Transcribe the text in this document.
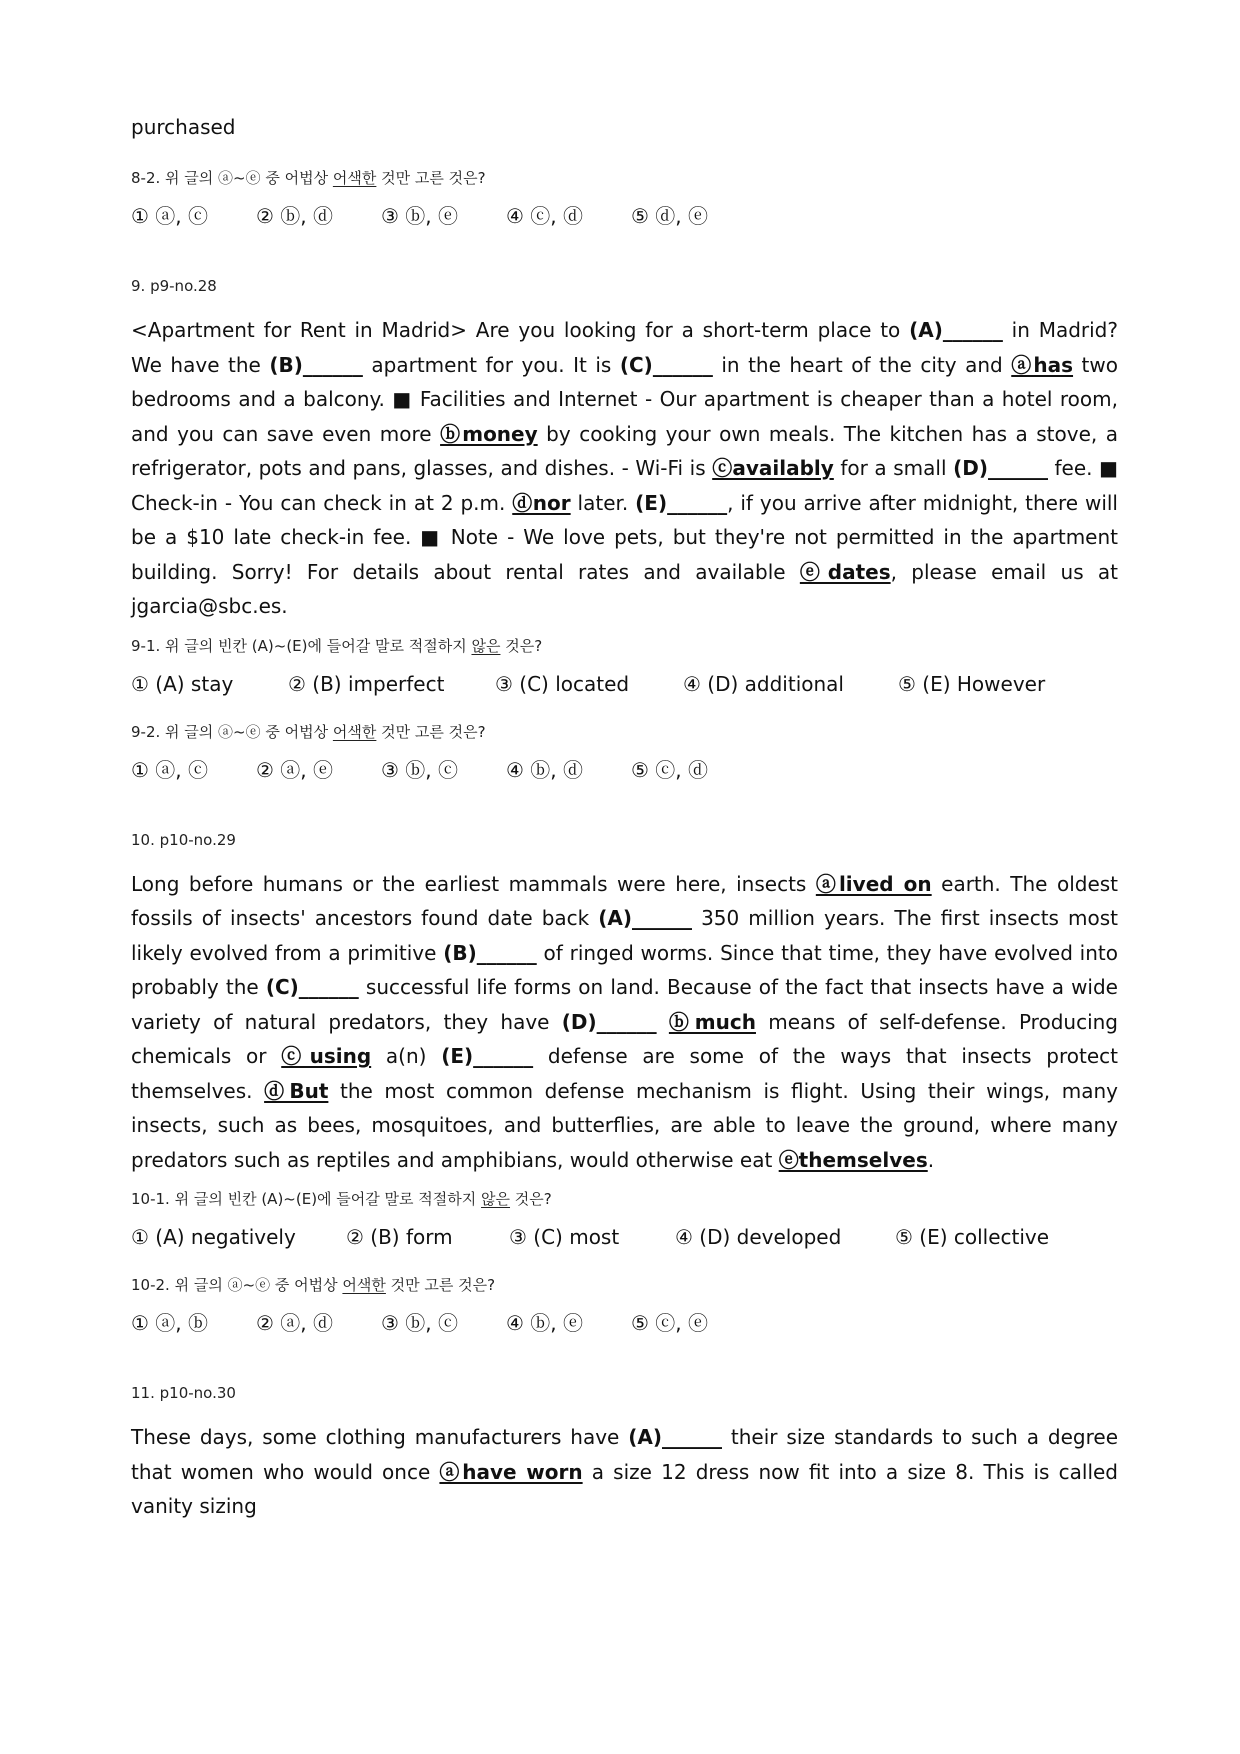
purchased

8-2. 위 글의 ⓐ~ⓔ 중 어법상 어색한 것만 고른 것은?

① ⓐ, ⓒ	② ⓑ, ⓓ	③ ⓑ, ⓔ	④ ⓒ, ⓓ	⑤ ⓓ, ⓔ

9. p9-no.28

<Apartment for Rent in Madrid> Are you looking for a short-term place to (A)______ in Madrid? We have the (B)______ apartment for you. It is (C)______ in the heart of the city and ⓐhas two bedrooms and a balcony. ■ Facilities and Internet - Our apartment is cheaper than a hotel room, and you can save even more ⓑmoney by cooking your own meals. The kitchen has a stove, a refrigerator, pots and pans, glasses, and dishes. - Wi-Fi is ⓒavailably for a small (D)______ fee. ■ Check-in - You can check in at 2 p.m. ⓓnor later. (E)______, if you arrive after midnight, there will be a $10 late check-in fee. ■ Note - We love pets, but they're not permitted in the apartment building. Sorry! For details about rental rates and available ⓔdates, please email us at jgarcia@sbc.es.

9-1. 위 글의 빈칸 (A)~(E)에 들어갈 말로 적절하지 않은 것은?

① (A) stay	② (B) imperfect	③ (C) located	④ (D) additional	⑤ (E) However

9-2. 위 글의 ⓐ~ⓔ 중 어법상 어색한 것만 고른 것은?

① ⓐ, ⓒ	② ⓐ, ⓔ	③ ⓑ, ⓒ	④ ⓑ, ⓓ	⑤ ⓒ, ⓓ

10. p10-no.29

Long before humans or the earliest mammals were here, insects ⓐlived on earth. The oldest fossils of insects' ancestors found date back (A)______ 350 million years. The first insects most likely evolved from a primitive (B)______ of ringed worms. Since that time, they have evolved into probably the (C)______ successful life forms on land. Because of the fact that insects have a wide variety of natural predators, they have (D)______ ⓑmuch means of self-defense. Producing chemicals or ⓒusing a(n) (E)______ defense are some of the ways that insects protect themselves. ⓓBut the most common defense mechanism is flight. Using their wings, many insects, such as bees, mosquitoes, and butterflies, are able to leave the ground, where many predators such as reptiles and amphibians, would otherwise eat ⓔthemselves.

10-1. 위 글의 빈칸 (A)~(E)에 들어갈 말로 적절하지 않은 것은?

① (A) negatively	② (B) form	③ (C) most	④ (D) developed	⑤ (E) collective

10-2. 위 글의 ⓐ~ⓔ 중 어법상 어색한 것만 고른 것은?

① ⓐ, ⓑ	② ⓐ, ⓓ	③ ⓑ, ⓒ	④ ⓑ, ⓔ	⑤ ⓒ, ⓔ

11. p10-no.30

These days, some clothing manufacturers have (A)______ their size standards to such a degree that women who would once ⓐhave worn a size 12 dress now fit into a size 8. This is called vanity sizing
